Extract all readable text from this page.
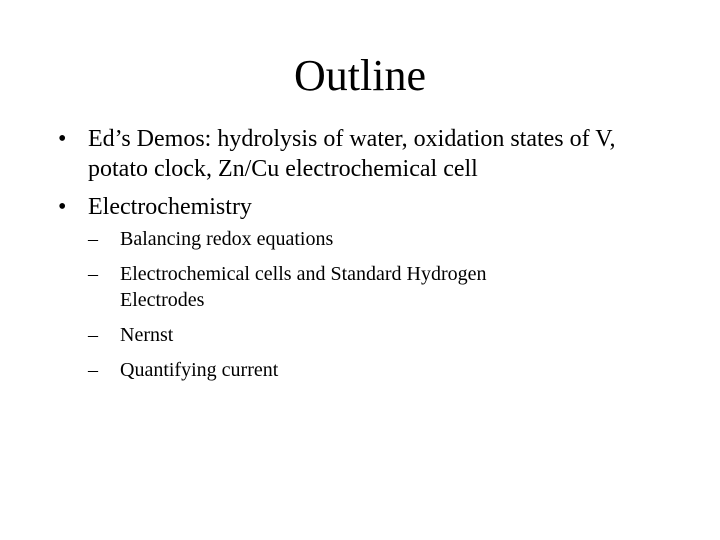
Outline
• Ed’s Demos: hydrolysis of water, oxidation states of V, potato clock, Zn/Cu electrochemical cell
• Electrochemistry
– Balancing redox equations
– Electrochemical cells and Standard Hydrogen Electrodes
– Nernst
– Quantifying current
